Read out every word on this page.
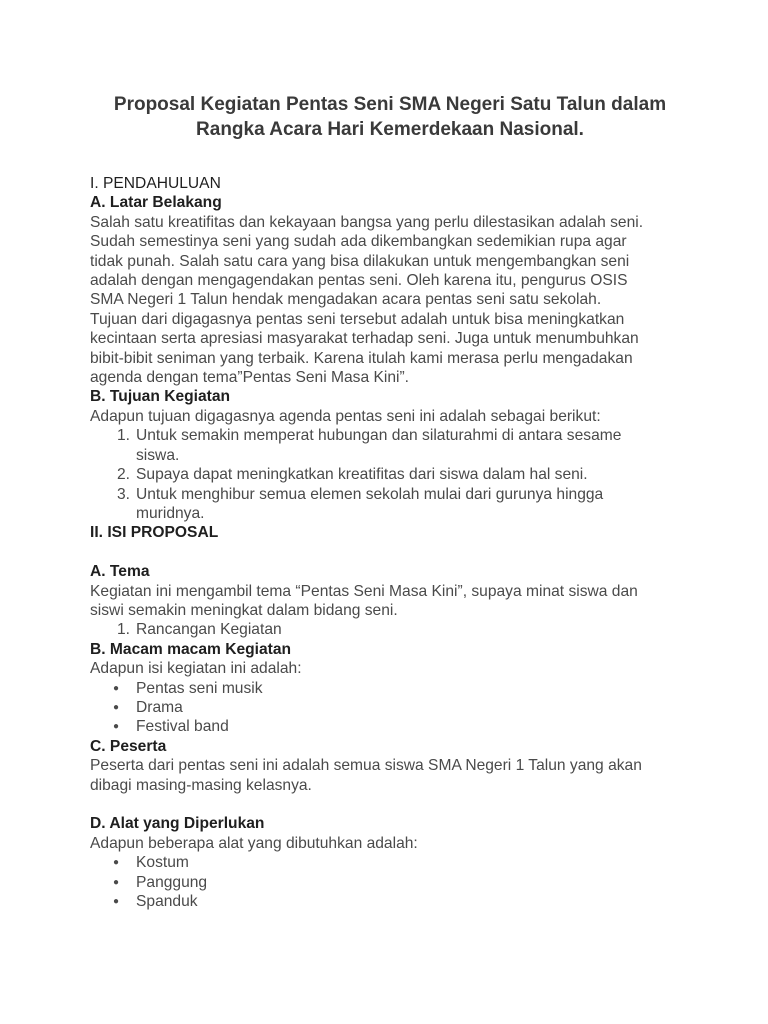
Proposal Kegiatan Pentas Seni SMA Negeri Satu Talun dalam
Rangka Acara Hari Kemerdekaan Nasional.
I. PENDAHULUAN
A. Latar Belakang

Salah satu kreatifitas dan kekayaan bangsa yang perlu dilestasikan adalah seni.

Sudah semestinya seni yang sudah ada dikembangkan sedemikian rupa agar

tidak punah. Salah satu cara yang bisa dilakukan untuk mengembangkan seni

adalah dengan mengagendakan pentas seni. Oleh karena itu, pengurus OSIS

SMA Negeri 1 Talun hendak mengadakan acara pentas seni satu sekolah.

Tujuan dari digagasnya pentas seni tersebut adalah untuk bisa meningkatkan

kecintaan serta apresiasi masyarakat terhadap seni. Juga untuk menumbuhkan

bibit-bibit seniman yang terbaik. Karena itulah kami merasa perlu mengadakan

agenda dengan tema”Pentas Seni Masa Kini”.

B. Tujuan Kegiatan

Adapun tujuan digagasnya agenda pentas seni ini adalah sebagai berikut:

1. Untuk semakin memperat hubungan dan silaturahmi di antara sesame
siswa.
2. Supaya dapat meningkatkan kreatifitas dari siswa dalam hal seni.
3. Untuk menghibur semua elemen sekolah mulai dari gurunya hingga
muridnya.
II. ISI PROPOSAL
A. Tema

Kegiatan ini mengambil tema “Pentas Seni Masa Kini”, supaya minat siswa dan

siswi semakin meningkat dalam bidang seni.

1. Rancangan Kegiatan
B. Macam macam Kegiatan

Adapun isi kegiatan ini adalah:

● Pentas seni musik
● Drama
● Festival band
C. Peserta

Peserta dari pentas seni ini adalah semua siswa SMA Negeri 1 Talun yang akan

dibagi masing-masing kelasnya.

D. Alat yang Diperlukan

Adapun beberapa alat yang dibutuhkan adalah:

● Kostum
● Panggung
● Spanduk
